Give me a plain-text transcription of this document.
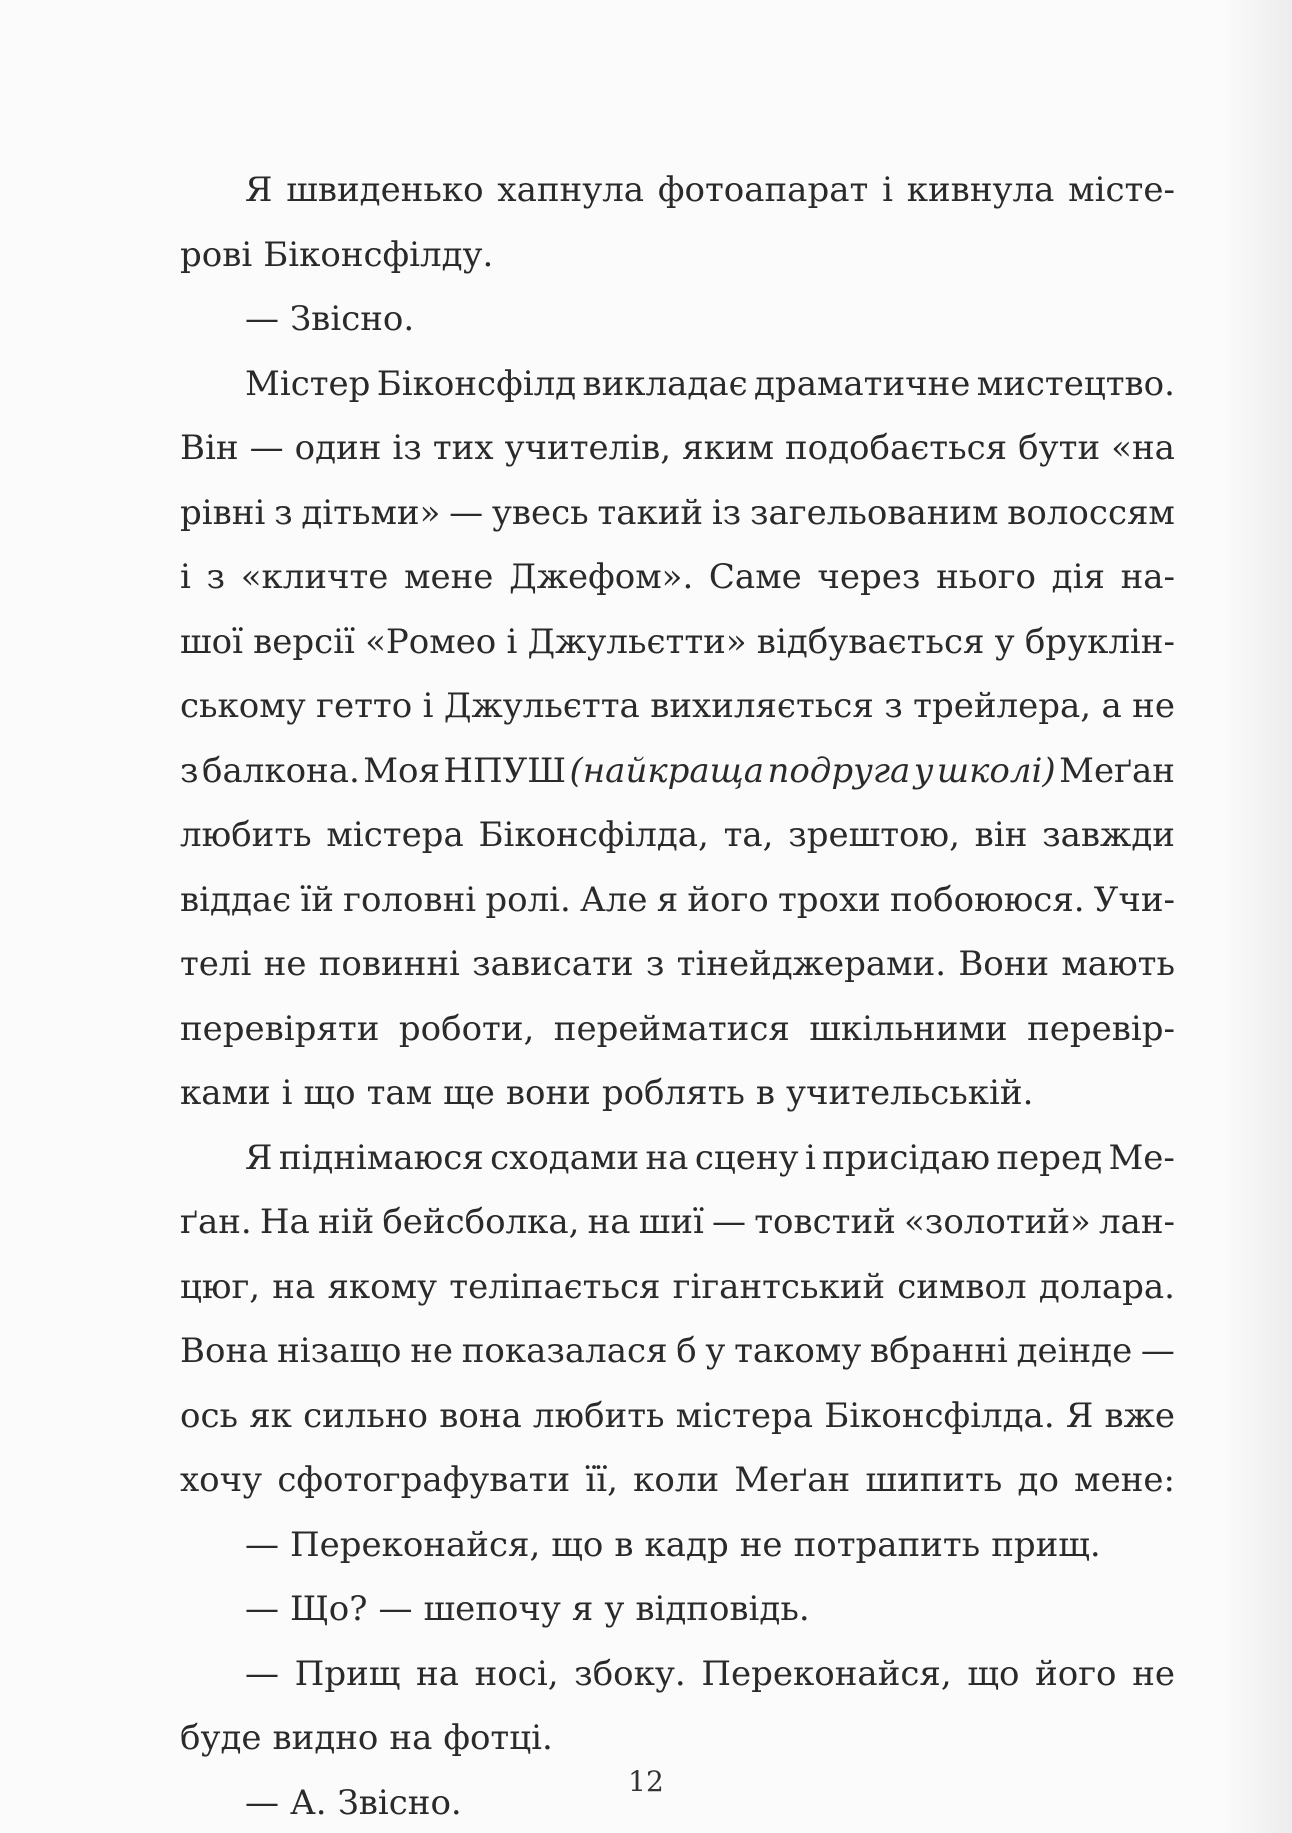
Я швиденько хапнула фотоапарат і кивнула місте-
рові Біконсфілду.
— Звісно.
Містер Біконсфілд викладає драматичне мистецтво.
Він — один із тих учителів, яким подобається бути «на
рівні з дітьми» — увесь такий із загельованим волоссям
і з «кличте мене Джефом». Саме через нього дія на-
шої версії «Ромео і Джульєтти» відбувається у бруклін-
ському гетто і Джульєтта вихиляється з трейлера, а не
з балкона. Моя НПУШ (найкраща подруга у школі) Меґан
любить містера Біконсфілда, та, зрештою, він завжди
віддає їй головні ролі. Але я його трохи побоююся. Учи-
телі не повинні зависати з тінейджерами. Вони мають
перевіряти роботи, перейматися шкільними перевір-
ками і що там ще вони роблять в учительській.
Я піднімаюся сходами на сцену і присідаю перед Ме-
ґан. На ній бейсболка, на шиї — товстий «золотий» лан-
цюг, на якому теліпається гігантський символ долара.
Вона нізащо не показалася б у такому вбранні деінде —
ось як сильно вона любить містера Біконсфілда. Я вже
хочу сфотографувати її, коли Меґан шипить до мене:
— Переконайся, що в кадр не потрапить прищ.
— Що? — шепочу я у відповідь.
— Прищ на носі, збоку. Переконайся, що його не
буде видно на фотці.
— А. Звісно.
12
